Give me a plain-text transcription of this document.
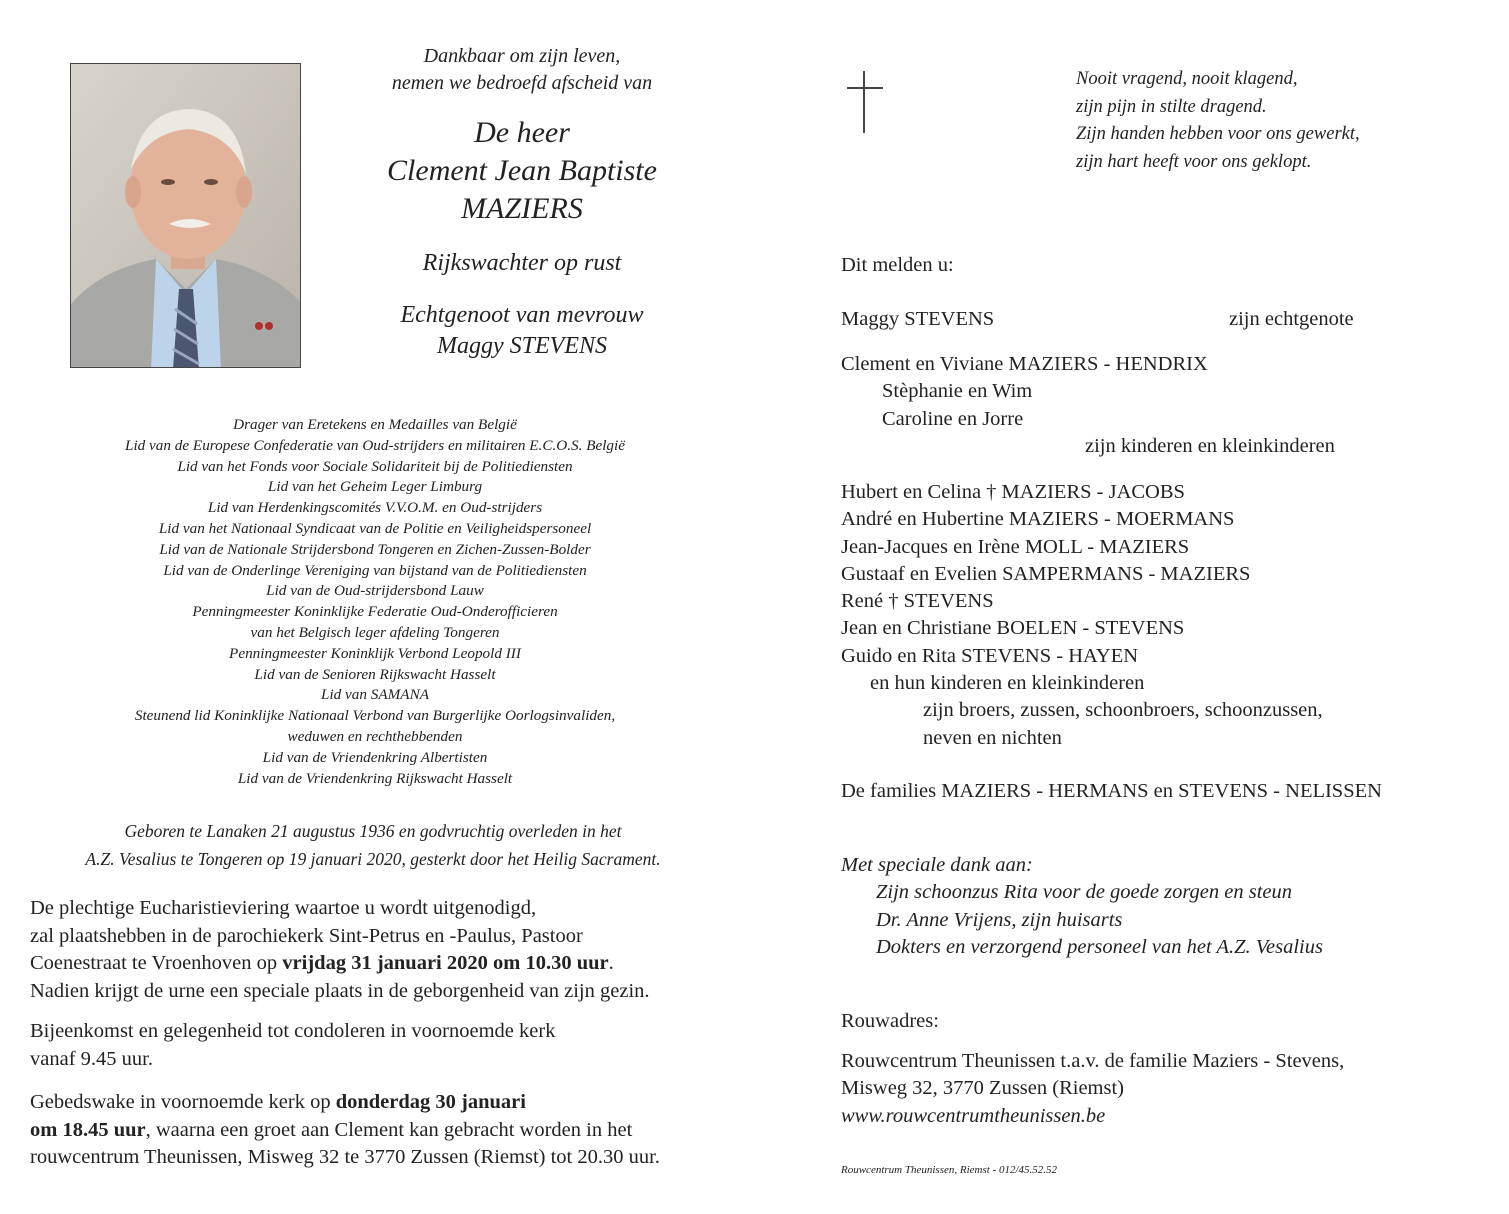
Dankbaar om zijn leven,
nemen we bedroefd afscheid van
De heer
Clement Jean Baptiste
MAZIERS
Rijkswachter op rust
Echtgenoot van mevrouw
Maggy STEVENS
Drager van Eretekens en Medailles van België
Lid van de Europese Confederatie van Oud-strijders en militairen E.C.O.S. België
Lid van het Fonds voor Sociale Solidariteit bij de Politiediensten
Lid van het Geheim Leger Limburg
Lid van Herdenkingscomités V.V.O.M. en Oud-strijders
Lid van het Nationaal Syndicaat van de Politie en Veiligheidspersoneel
Lid van de Nationale Strijdersbond Tongeren en Zichen-Zussen-Bolder
Lid van de Onderlinge Vereniging van bijstand van de Politiediensten
Lid van de Oud-strijdersbond Lauw
Penningmeester Koninklijke Federatie Oud-Onderofficieren
van het Belgisch leger afdeling Tongeren
Penningmeester Koninklijk Verbond Leopold III
Lid van de Senioren Rijkswacht Hasselt
Lid van SAMANA
Steunend lid Koninklijke Nationaal Verbond van Burgerlijke Oorlogsinvaliden,
weduwen en rechthebbenden
Lid van de Vriendenkring Albertisten
Lid van de Vriendenkring Rijkswacht Hasselt
Geboren te Lanaken 21 augustus 1936 en godvruchtig overleden in het
A.Z. Vesalius te Tongeren op 19 januari 2020, gesterkt door het Heilig Sacrament.
De plechtige Eucharistieviering waartoe u wordt uitgenodigd,
zal plaatshebben in de parochiekerk Sint-Petrus en -Paulus, Pastoor
Coenestraat te Vroenhoven op vrijdag 31 januari 2020 om 10.30 uur.
Nadien krijgt de urne een speciale plaats in de geborgenheid van zijn gezin.
Bijeenkomst en gelegenheid tot condoleren in voornoemde kerk
vanaf 9.45 uur.
Gebedswake in voornoemde kerk op donderdag 30 januari
om 18.45 uur, waarna een groet aan Clement kan gebracht worden in het
rouwcentrum Theunissen, Misweg 32 te 3770 Zussen (Riemst) tot 20.30 uur.
Nooit vragend, nooit klagend,
zijn pijn in stilte dragend.
Zijn handen hebben voor ons gewerkt,
zijn hart heeft voor ons geklopt.
Dit melden u:
Maggy STEVENS	zijn echtgenote
Clement en Viviane MAZIERS - HENDRIX
Stèphanie en Wim
Caroline en Jorre
zijn kinderen en kleinkinderen
Hubert en Celina † MAZIERS - JACOBS
André en Hubertine MAZIERS - MOERMANS
Jean-Jacques en Irène MOLL - MAZIERS
Gustaaf en Evelien SAMPERMANS - MAZIERS
René † STEVENS
Jean en Christiane BOELEN - STEVENS
Guido en Rita STEVENS - HAYEN
en hun kinderen en kleinkinderen
zijn broers, zussen, schoonbroers, schoonzussen,
neven en nichten
De families MAZIERS - HERMANS en STEVENS - NELISSEN
Met speciale dank aan:
Zijn schoonzus Rita voor de goede zorgen en steun
Dr. Anne Vrijens, zijn huisarts
Dokters en verzorgend personeel van het A.Z. Vesalius
Rouwadres:
Rouwcentrum Theunissen t.a.v. de familie Maziers - Stevens,
Misweg 32, 3770 Zussen (Riemst)
www.rouwcentrumtheunissen.be
Rouwcentrum Theunissen, Riemst - 012/45.52.52
